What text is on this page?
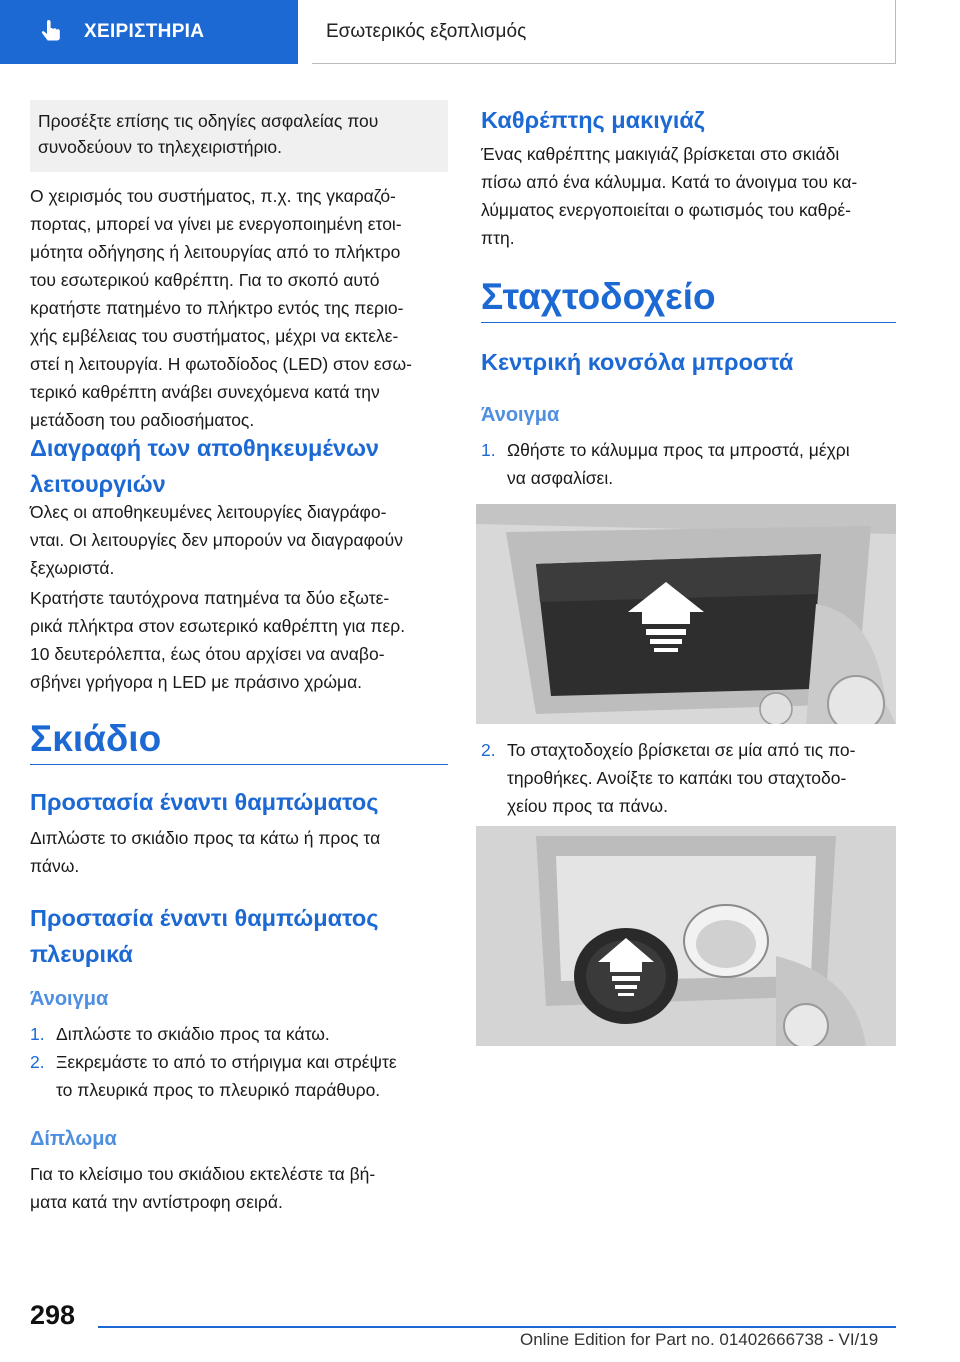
ΧΕΙΡΙΣΤΗΡΙΑ	Εσωτερικός εξοπλισμός
Προσέξτε επίσης τις οδηγίες ασφαλείας που
συνοδεύουν το τηλεχειριστήριο.
Ο χειρισμός του συστήματος, π.χ. της γκαραζό‐
πορτας, μπορεί να γίνει με ενεργοποιημένη ετοι‐
μότητα οδήγησης ή λειτουργίας από το πλήκτρο
του εσωτερικού καθρέπτη. Για το σκοπό αυτό
κρατήστε πατημένο το πλήκτρο εντός της περιο‐
χής εμβέλειας του συστήματος, μέχρι να εκτελε‐
στεί η λειτουργία. Η φωτοδίοδος (LED) στον εσω‐
τερικό καθρέπτη ανάβει συνεχόμενα κατά την
μετάδοση του ραδιοσήματος.
Διαγραφή των αποθηκευμένων
λειτουργιών
Όλες οι αποθηκευμένες λειτουργίες διαγράφο‐
νται. Οι λειτουργίες δεν μπορούν να διαγραφούν
ξεχωριστά.
Κρατήστε ταυτόχρονα πατημένα τα δύο εξωτε‐
ρικά πλήκτρα στον εσωτερικό καθρέπτη για περ.
10 δευτερόλεπτα, έως ότου αρχίσει να αναβο‐
σβήνει γρήγορα η LED με πράσινο χρώμα.
Σκιάδιο
Προστασία έναντι θαμπώματος
Διπλώστε το σκιάδιο προς τα κάτω ή προς τα
πάνω.
Προστασία έναντι θαμπώματος
πλευρικά
Άνοιγμα
1. Διπλώστε το σκιάδιο προς τα κάτω.
2. Ξεκρεμάστε το από το στήριγμα και στρέψτε
το πλευρικά προς το πλευρικό παράθυρο.
Δίπλωμα
Για το κλείσιμο του σκιάδιου εκτελέστε τα βή‐
ματα κατά την αντίστροφη σειρά.
Καθρέπτης μακιγιάζ
Ένας καθρέπτης μακιγιάζ βρίσκεται στο σκιάδι
πίσω από ένα κάλυμμα. Κατά το άνοιγμα του κα‐
λύμματος ενεργοποιείται ο φωτισμός του καθρέ‐
πτη.
Σταχτοδοχείο
Κεντρική κονσόλα μπροστά
Άνοιγμα
1. Ωθήστε το κάλυμμα προς τα μπροστά, μέχρι
να ασφαλίσει.
2. Το σταχτοδοχείο βρίσκεται σε μία από τις πο‐
τηροθήκες. Ανοίξτε το καπάκι του σταχτοδο‐
χείου προς τα πάνω.
298
Online Edition for Part no. 01402666738 - VI/19
